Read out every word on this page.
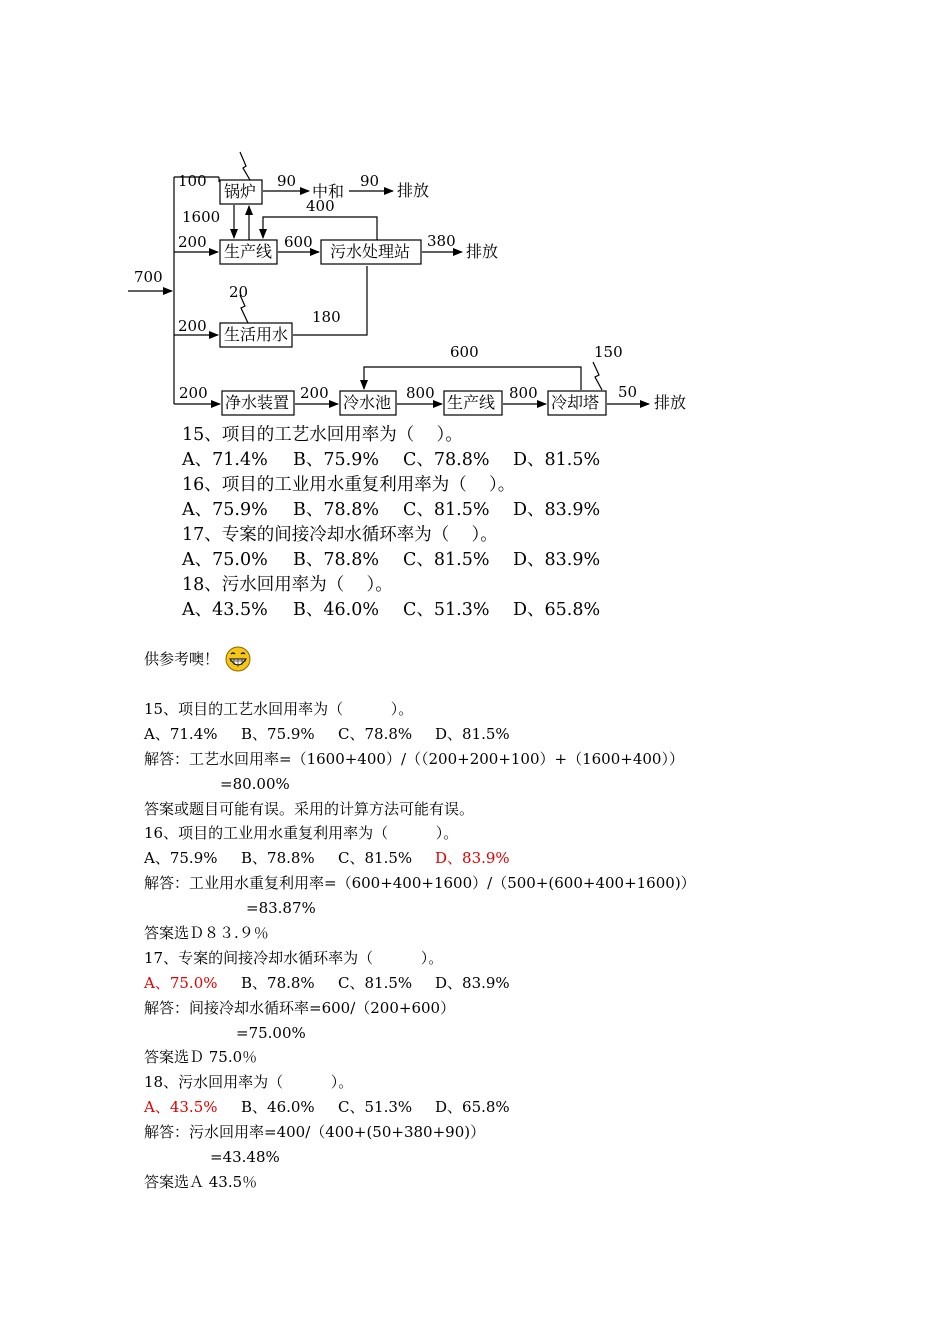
700
100
锅炉
90
中和
90 排放
1600
400
200 生产线 600 污水处理站
380
排放
20
180
200 生活用水
600	150
200 净水装置 200 冷水池 800 生产线 800 冷却塔
50
排放
15、项目的工艺水回用率为（    ）。
A、71.4% B、75.9% C、78.8% D、81.5%
16、项目的工业用水重复利用率为（    ）。
A、75.9% B、78.8% C、81.5% D、83.9%
17、专案的间接冷却水循环率为（    ）。
A、75.0% B、78.8% C、81.5% D、83.9%
18、污水回用率为（    ）。
A、43.5% B、46.0% C、51.3% D、65.8%
供参考噢！
15、项目的工艺水回用率为（          ）。
A、71.4% B、75.9% C、78.8% D、81.5%
解答：工艺水回用率=（1600+400）/（（200+200+100）+（1600+400））
=80.00%
答案或题目可能有误。采用的计算方法可能有误。
16、项目的工业用水重复利用率为（          ）。
A、75.9% B、78.8% C、81.5% D、83.9%
解答：工业用水重复利用率=（600+400+1600）/（500+(600+400+1600)）
=83.87%
答案选Ｄ８３.９％
17、专案的间接冷却水循环率为（          ）。
A、75.0% B、78.8% C、81.5% D、83.9%
解答：间接冷却水循环率=600/（200+600）
=75.00%
答案选Ｄ 75.0％
18、污水回用率为（          ）。
A、43.5% B、46.0% C、51.3% D、65.8%
解答：污水回用率=400/（400+(50+380+90)）
=43.48%
答案选Ａ 43.5％
